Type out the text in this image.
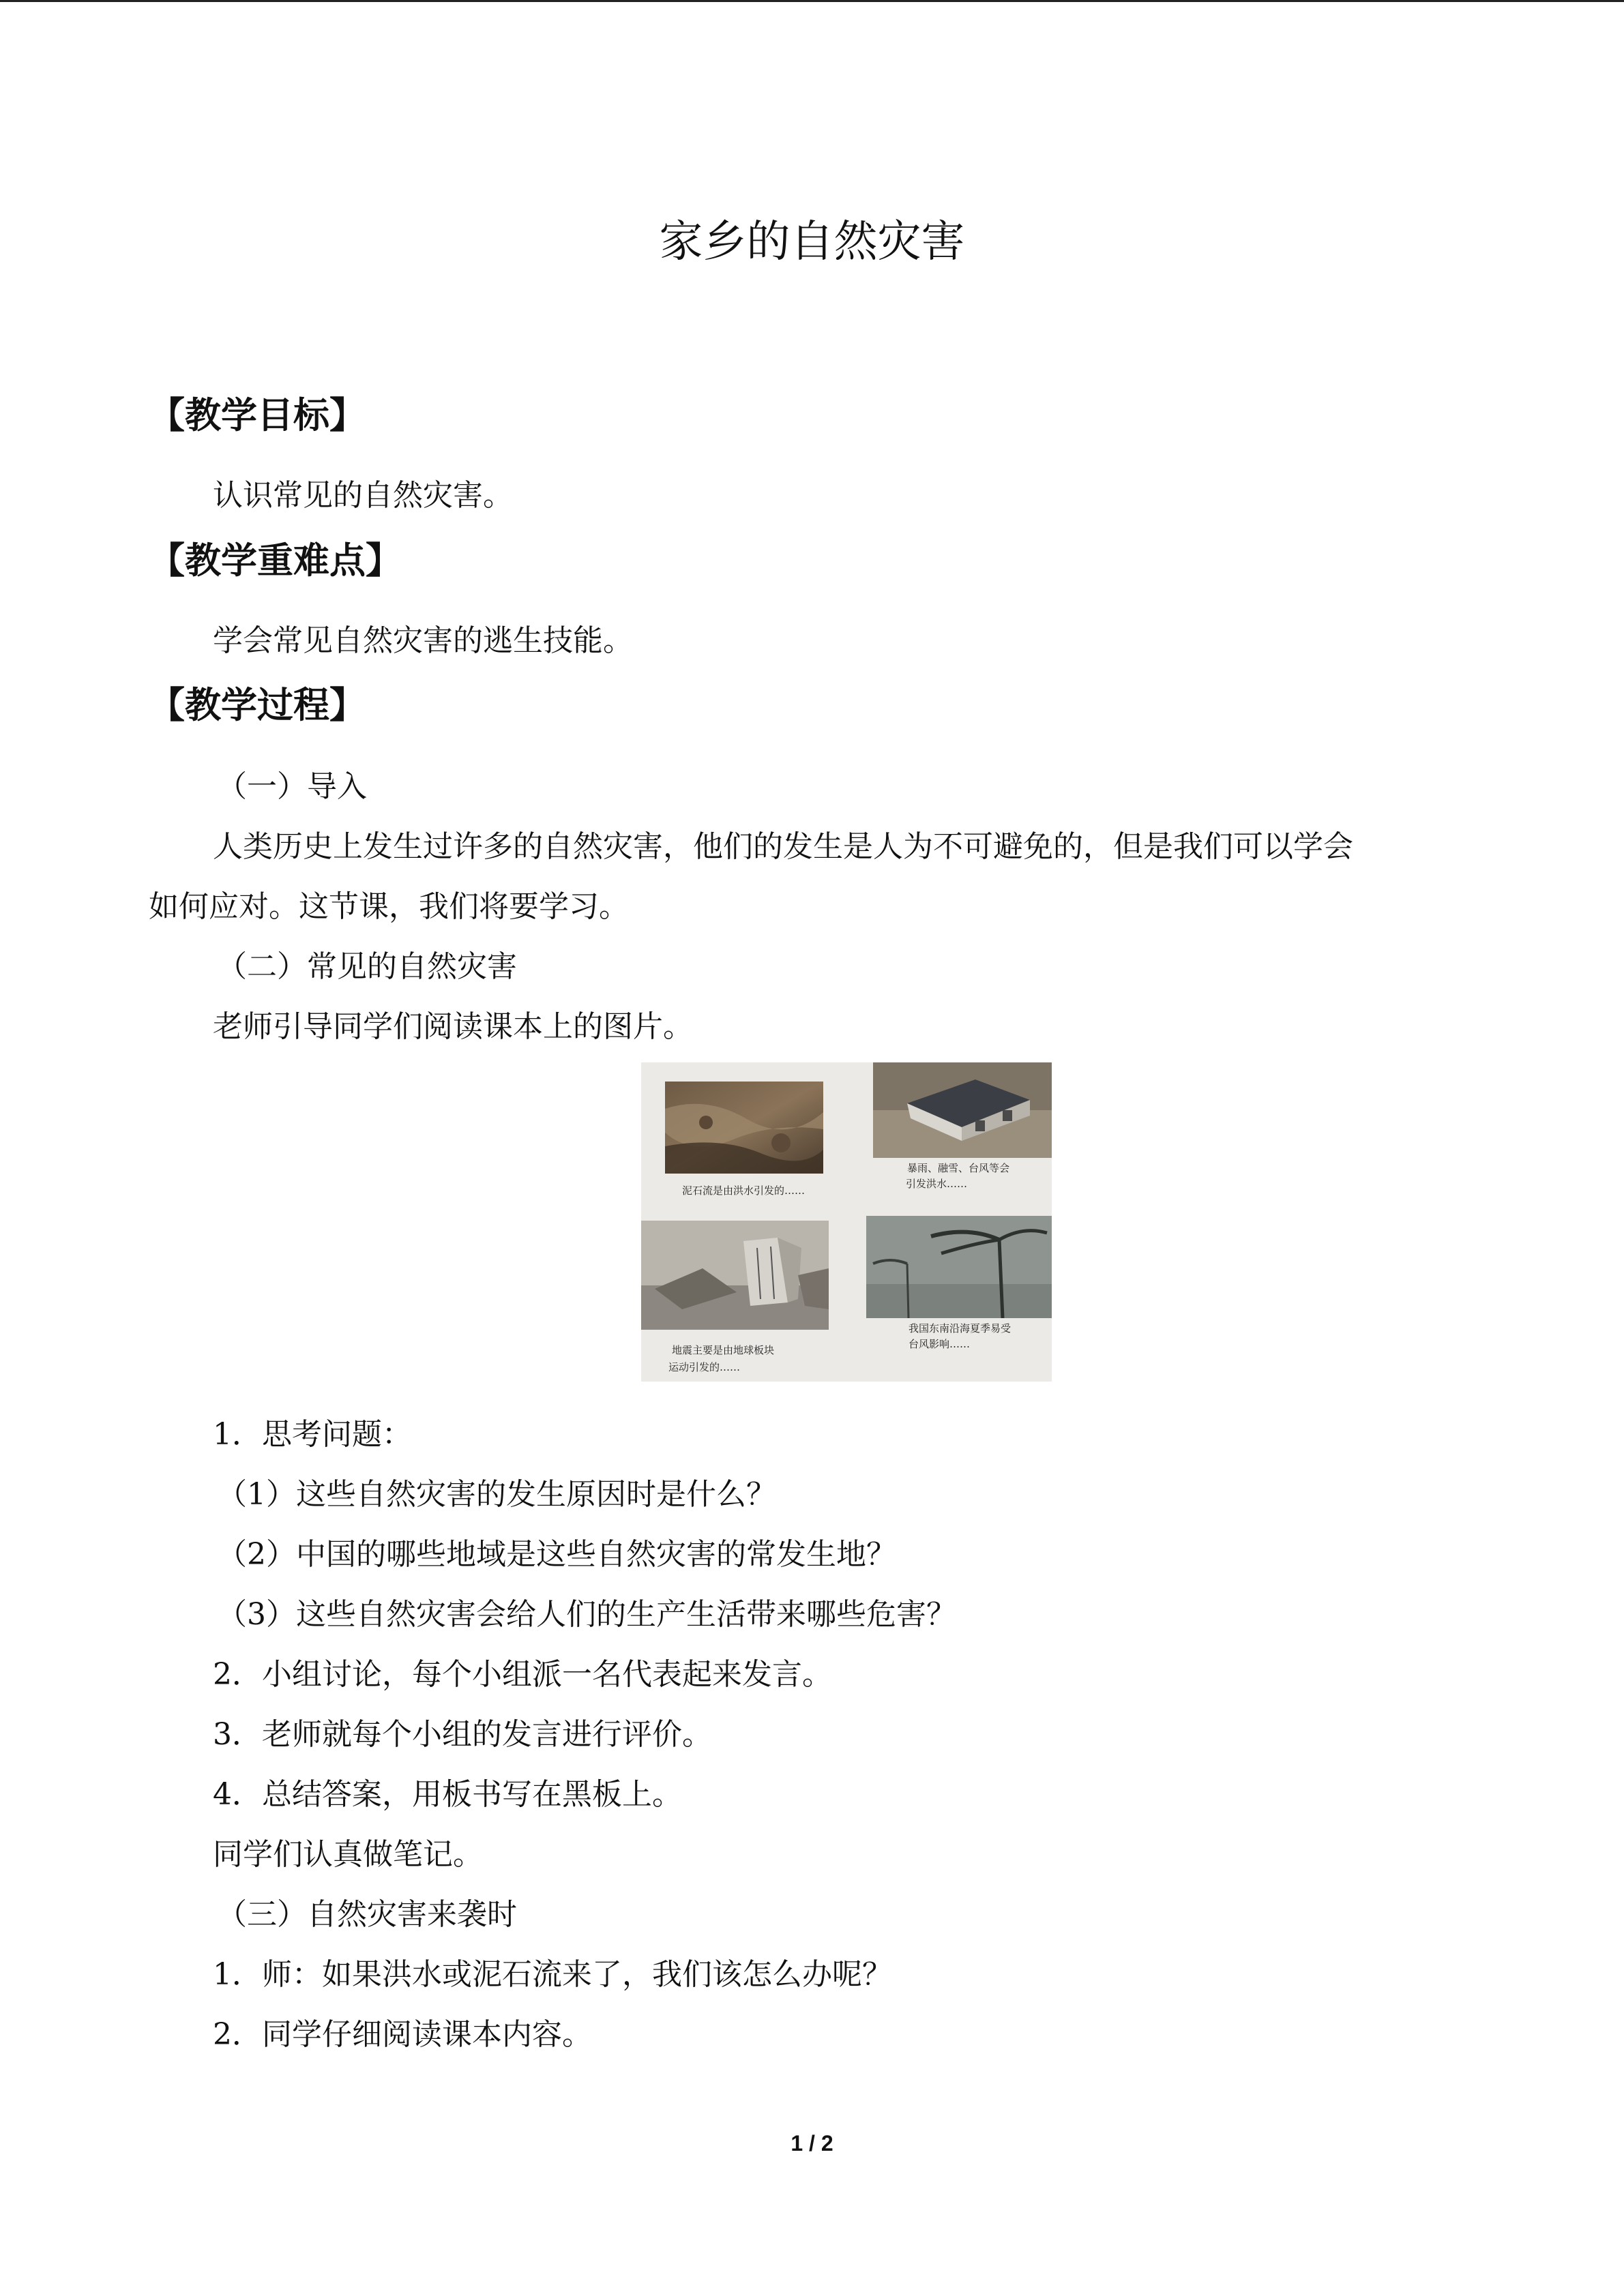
家乡的自然灾害
【教学目标】
认识常见的自然灾害。
【教学重难点】
学会常见自然灾害的逃生技能。
【教学过程】
（一）导入
人类历史上发生过许多的自然灾害，他们的发生是人为不可避免的，但是我们可以学会
如何应对。这节课，我们将要学习。
（二）常见的自然灾害
老师引导同学们阅读课本上的图片。
泥石流是由洪水引发的……
暴雨、融雪、台风等会
引发洪水……
地震主要是由地球板块
运动引发的……
我国东南沿海夏季易受
台风影响……
1．思考问题：
（1）这些自然灾害的发生原因时是什么？
（2）中国的哪些地域是这些自然灾害的常发生地？
（3）这些自然灾害会给人们的生产生活带来哪些危害？
2．小组讨论，每个小组派一名代表起来发言。
3．老师就每个小组的发言进行评价。
4．总结答案，用板书写在黑板上。
同学们认真做笔记。
（三）自然灾害来袭时
1．师：如果洪水或泥石流来了，我们该怎么办呢？
2．同学仔细阅读课本内容。
1 / 2
